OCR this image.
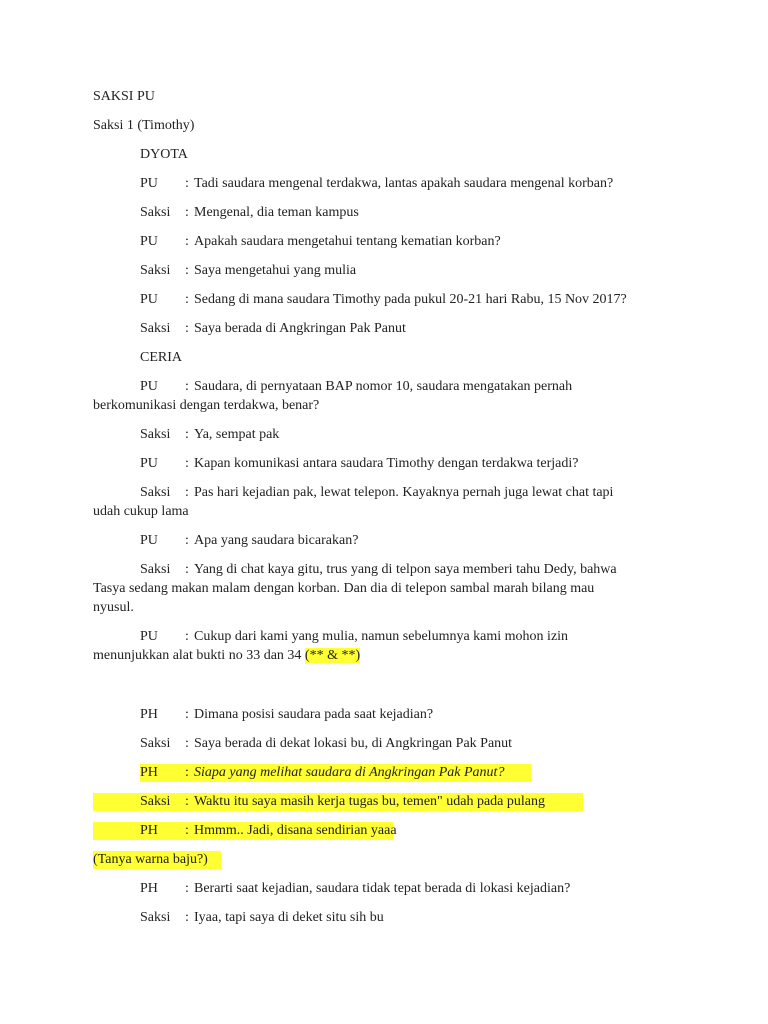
SAKSI PU
Saksi 1 (Timothy)
DYOTA
PU : Tadi saudara mengenal terdakwa, lantas apakah saudara mengenal korban?
Saksi : Mengenal, dia teman kampus
PU : Apakah saudara mengetahui tentang kematian korban?
Saksi : Saya mengetahui yang mulia
PU : Sedang di mana saudara Timothy pada pukul 20-21 hari Rabu, 15 Nov 2017?
Saksi : Saya berada di Angkringan Pak Panut
CERIA
PU : Saudara, di pernyataan BAP nomor 10, saudara mengatakan pernah
berkomunikasi dengan terdakwa, benar?
Saksi : Ya, sempat pak
PU : Kapan komunikasi antara saudara Timothy dengan terdakwa terjadi?
Saksi : Pas hari kejadian pak, lewat telepon. Kayaknya pernah juga lewat chat tapi
udah cukup lama
PU : Apa yang saudara bicarakan?
Saksi : Yang di chat kaya gitu, trus yang di telpon saya memberi tahu Dedy, bahwa
Tasya sedang makan malam dengan korban. Dan dia di telepon sambal marah bilang mau
nyusul.
PU : Cukup dari kami yang mulia, namun sebelumnya kami mohon izin
menunjukkan alat bukti no 33 dan 34 (** & **)
PH : Dimana posisi saudara pada saat kejadian?
Saksi : Saya berada di dekat lokasi bu, di Angkringan Pak Panut
PH : Siapa yang melihat saudara di Angkringan Pak Panut?
Saksi : Waktu itu saya masih kerja tugas bu, temen" udah pada pulang
PH : Hmmm.. Jadi, disana sendirian yaaa
(Tanya warna baju?)
PH : Berarti saat kejadian, saudara tidak tepat berada di lokasi kejadian?
Saksi : Iyaa, tapi saya di deket situ sih bu
